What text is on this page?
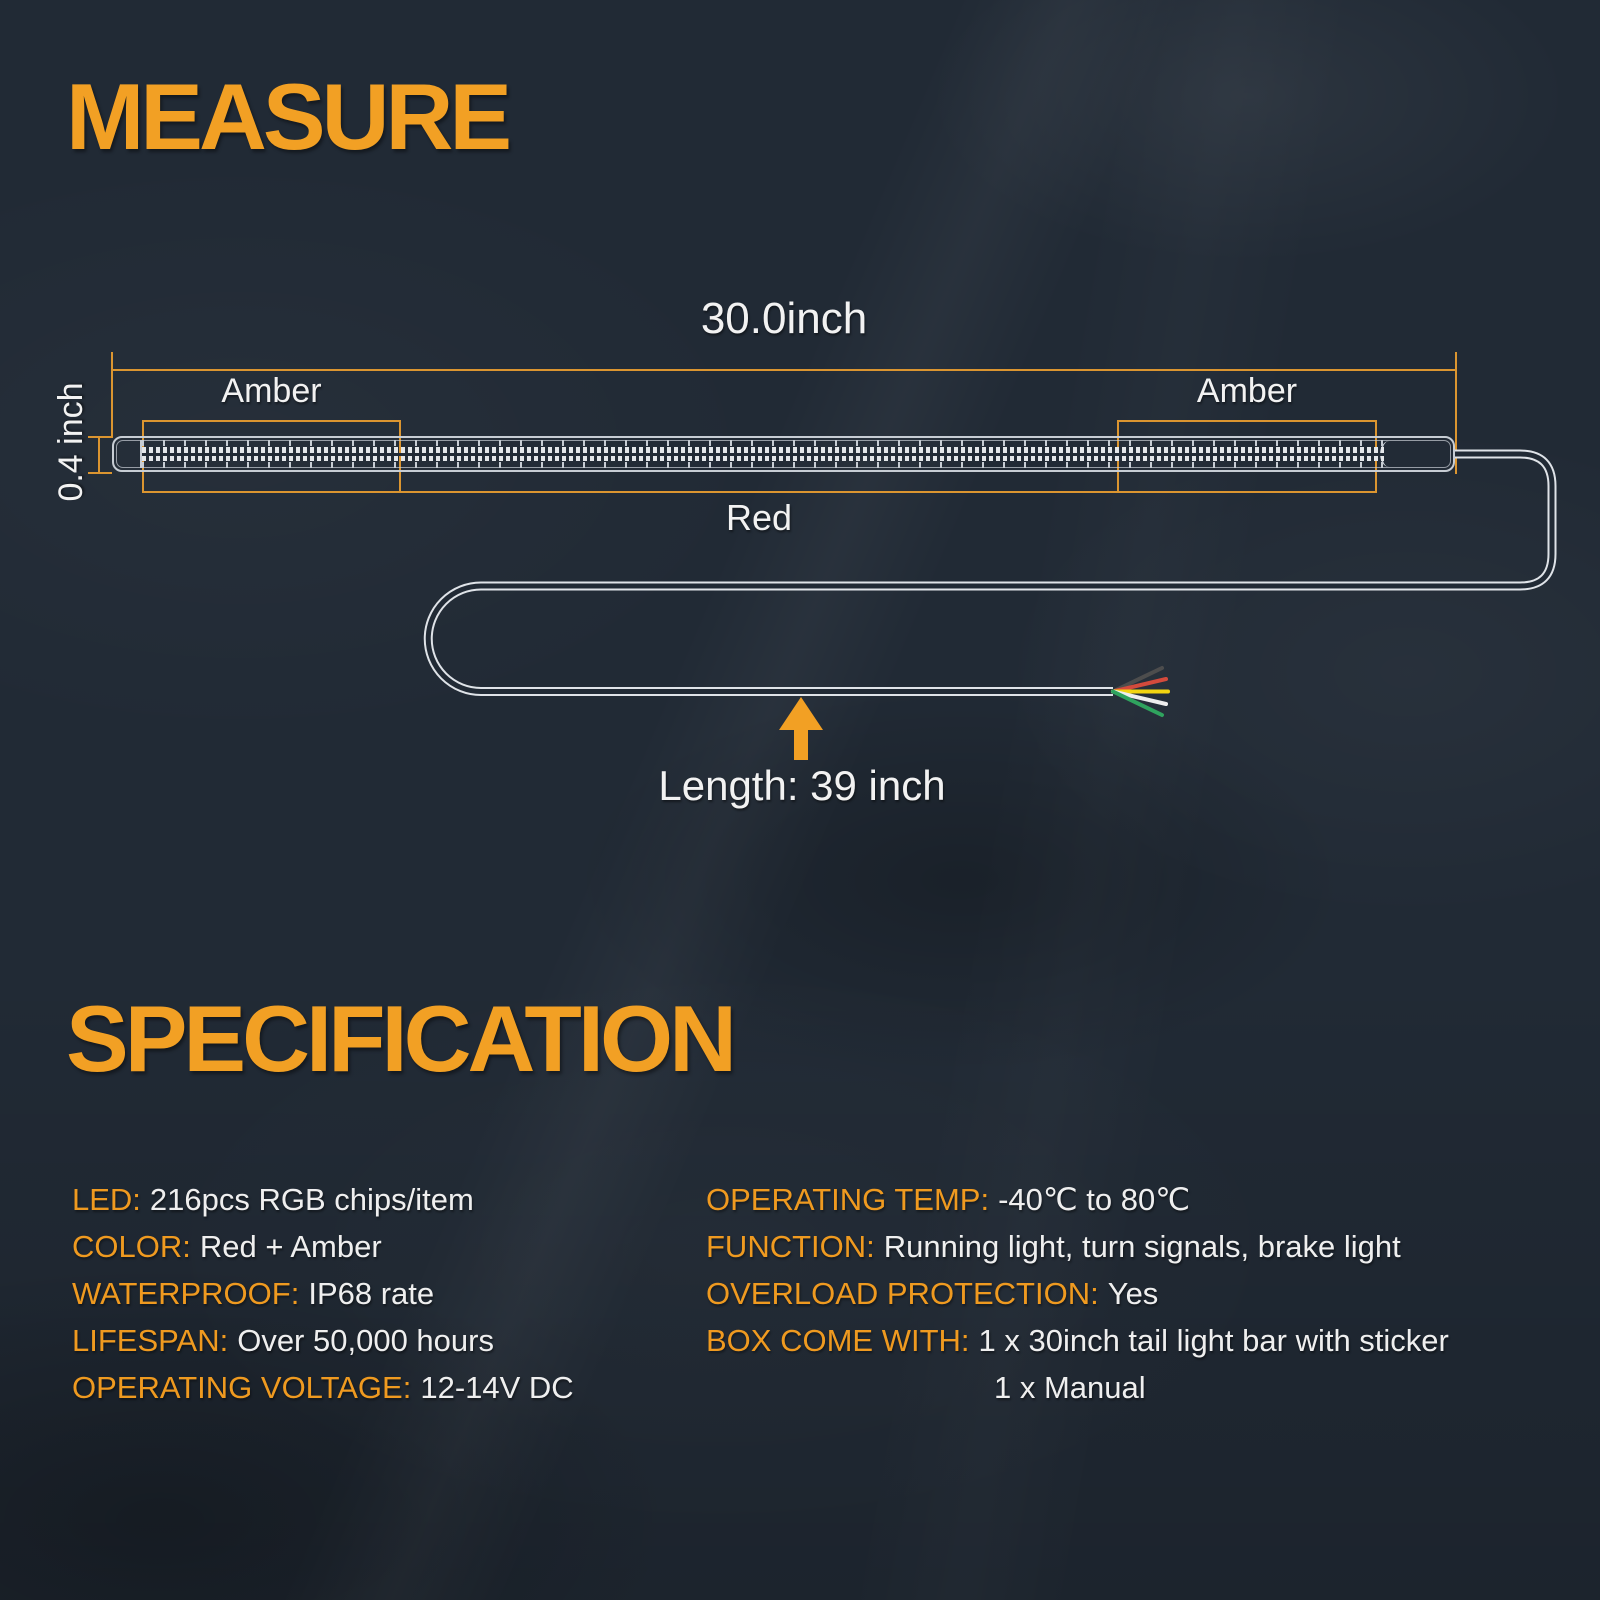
MEASURE
30.0inch
0.4 inch	Amber	Amber
Red
Length: 39 inch
SPECIFICATION
LED: 216pcs RGB chips/item
COLOR: Red + Amber
WATERPROOF: IP68 rate
LIFESPAN: Over 50,000 hours
OPERATING VOLTAGE: 12-14V DC
OPERATING TEMP: -40℃ to 80℃
FUNCTION: Running light, turn signals, brake light
OVERLOAD PROTECTION: Yes
BOX COME WITH: 1 x 30inch tail light bar with sticker
1 x Manual
